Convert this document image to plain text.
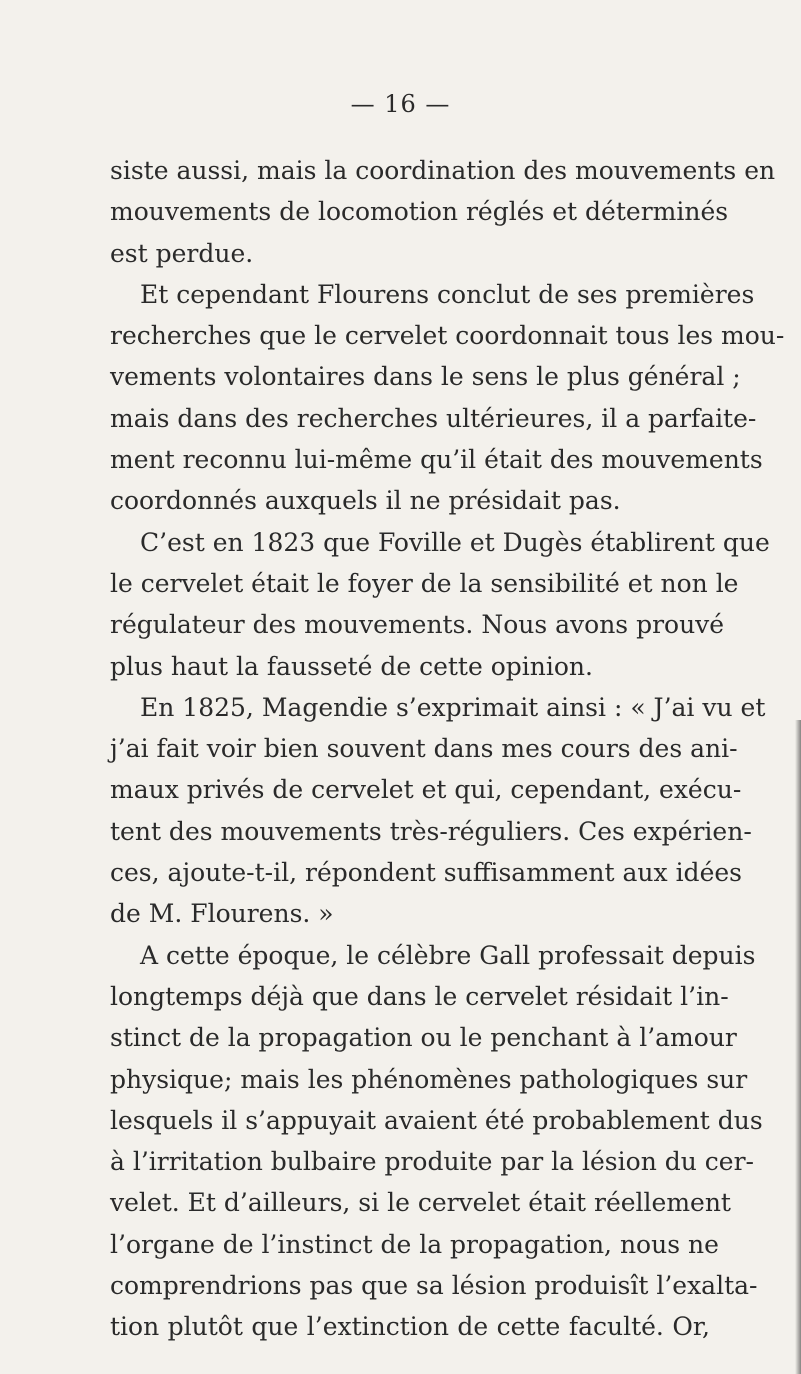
— 16 —
siste aussi, mais la coordination des mouvements en
mouvements de locomotion réglés et déterminés
est perdue.
Et cependant Flourens conclut de ses premières
recherches que le cervelet coordonnait tous les mou-
vements volontaires dans le sens le plus général ;
mais dans des recherches ultérieures, il a parfaite-
ment reconnu lui-même qu’il était des mouvements
coordonnés auxquels il ne présidait pas.
C’est en 1823 que Foville et Dugès établirent que
le cervelet était le foyer de la sensibilité et non le
régulateur des mouvements. Nous avons prouvé
plus haut la fausseté de cette opinion.
En 1825, Magendie s’exprimait ainsi : « J’ai vu et
j’ai fait voir bien souvent dans mes cours des ani-
maux privés de cervelet et qui, cependant, exécu-
tent des mouvements très-réguliers. Ces expérien-
ces, ajoute-t-il, répondent suffisamment aux idées
de M. Flourens. »
A cette époque, le célèbre Gall professait depuis
longtemps déjà que dans le cervelet résidait l’in-
stinct de la propagation ou le penchant à l’amour
physique; mais les phénomènes pathologiques sur
lesquels il s’appuyait avaient été probablement dus
à l’irritation bulbaire produite par la lésion du cer-
velet. Et d’ailleurs, si le cervelet était réellement
l’organe de l’instinct de la propagation, nous ne
comprendrions pas que sa lésion produisît l’exalta-
tion plutôt que l’extinction de cette faculté. Or,
